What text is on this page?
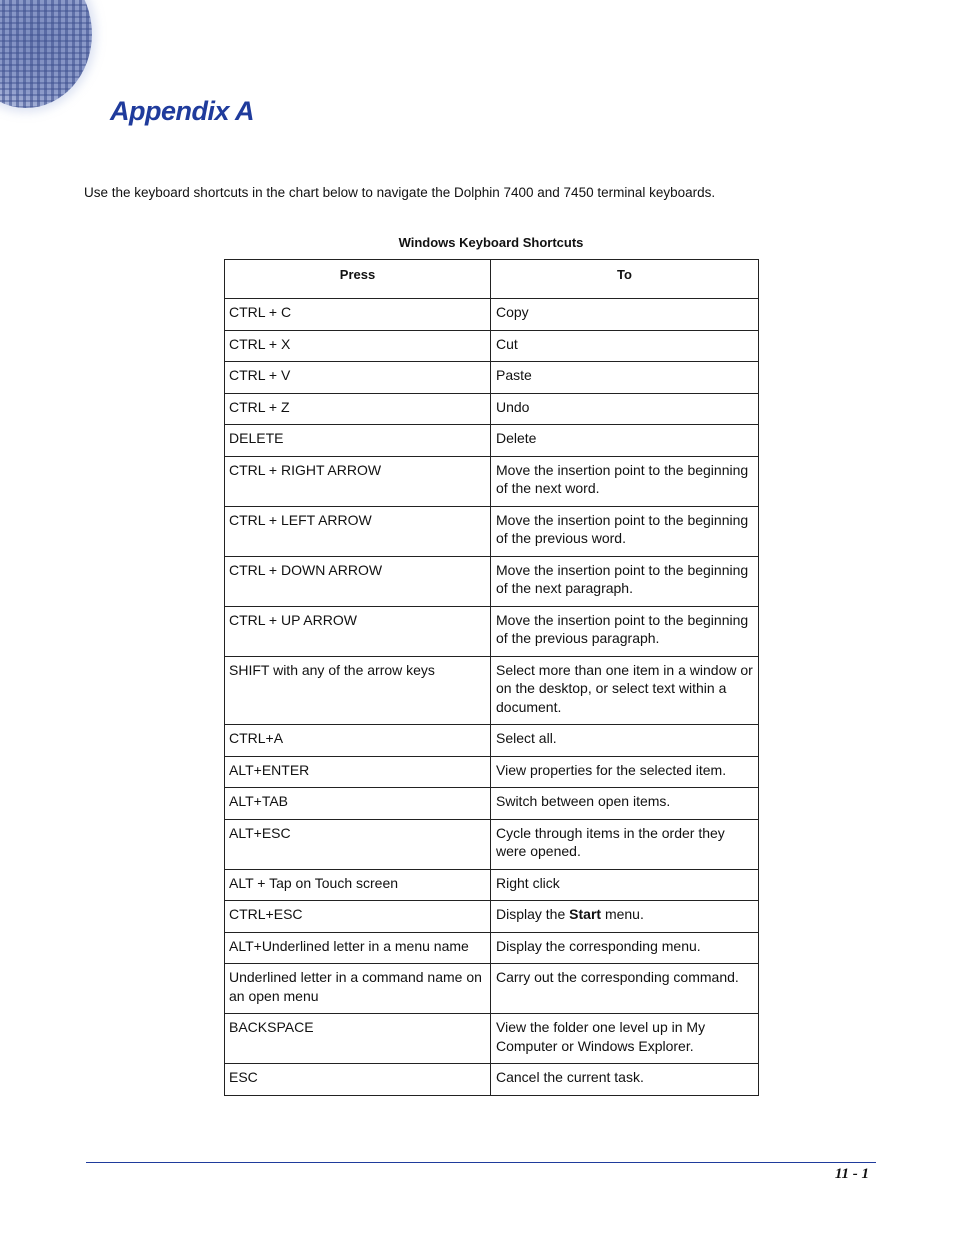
Appendix A

Use the keyboard shortcuts in the chart below to navigate the Dolphin 7400 and 7450 terminal keyboards.

Windows Keyboard Shortcuts

Press	To
CTRL + C	Copy
CTRL + X	Cut
CTRL + V	Paste
CTRL + Z	Undo
DELETE	Delete
CTRL + RIGHT ARROW	Move the insertion point to the beginning of the next word.
CTRL + LEFT ARROW	Move the insertion point to the beginning of the previous word.
CTRL + DOWN ARROW	Move the insertion point to the beginning of the next paragraph.
CTRL + UP ARROW	Move the insertion point to the beginning of the previous paragraph.
SHIFT with any of the arrow keys	Select more than one item in a window or on the desktop, or select text within a document.
CTRL+A	Select all.
ALT+ENTER	View properties for the selected item.
ALT+TAB	Switch between open items.
ALT+ESC	Cycle through items in the order they were opened.
ALT + Tap on Touch screen	Right click
CTRL+ESC	Display the Start menu.
ALT+Underlined letter in a menu name	Display the corresponding menu.
Underlined letter in a command name on an open menu	Carry out the corresponding command.
BACKSPACE	View the folder one level up in My Computer or Windows Explorer.
ESC	Cancel the current task.

11 - 1
